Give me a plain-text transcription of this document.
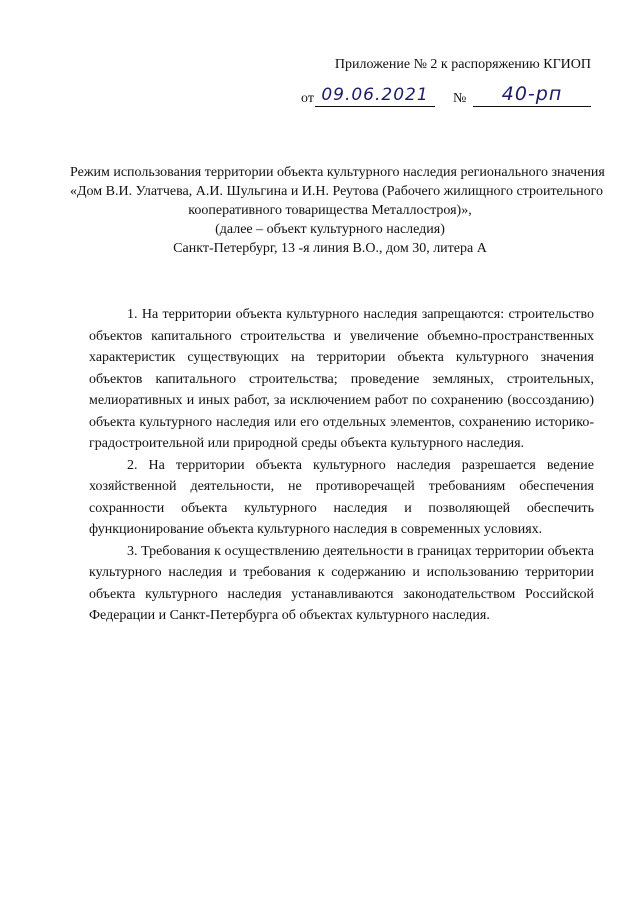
Приложение № 2 к распоряжению КГИОП
от 09.06.2021	№	40-рп
Режим использования территории объекта культурного наследия регионального значения
«Дом В.И. Улатчева, А.И. Шульгина и И.Н. Реутова (Рабочего жилищного строительного
кооперативного товарищества Металлостроя)»,
(далее – объект культурного наследия)
Санкт-Петербург, 13 -я линия В.О., дом 30, литера А

1. На территории объекта культурного наследия запрещаются: строительство объектов капитального строительства и увеличение объемно-пространственных характеристик существующих на территории объекта культурного значения объектов капитального строительства; проведение земляных, строительных, мелиоративных и иных работ, за исключением работ по сохранению (воссозданию) объекта культурного наследия или его отдельных элементов, сохранению историко-градостроительной или природной среды объекта культурного наследия.

2. На территории объекта культурного наследия разрешается ведение хозяйственной деятельности, не противоречащей требованиям обеспечения сохранности объекта культурного наследия и позволяющей обеспечить функционирование объекта культурного наследия в современных условиях.

3. Требования к осуществлению деятельности в границах территории объекта культурного наследия и требования к содержанию и использованию территории объекта культурного наследия устанавливаются законодательством Российской Федерации и Санкт-Петербурга об объектах культурного наследия.
